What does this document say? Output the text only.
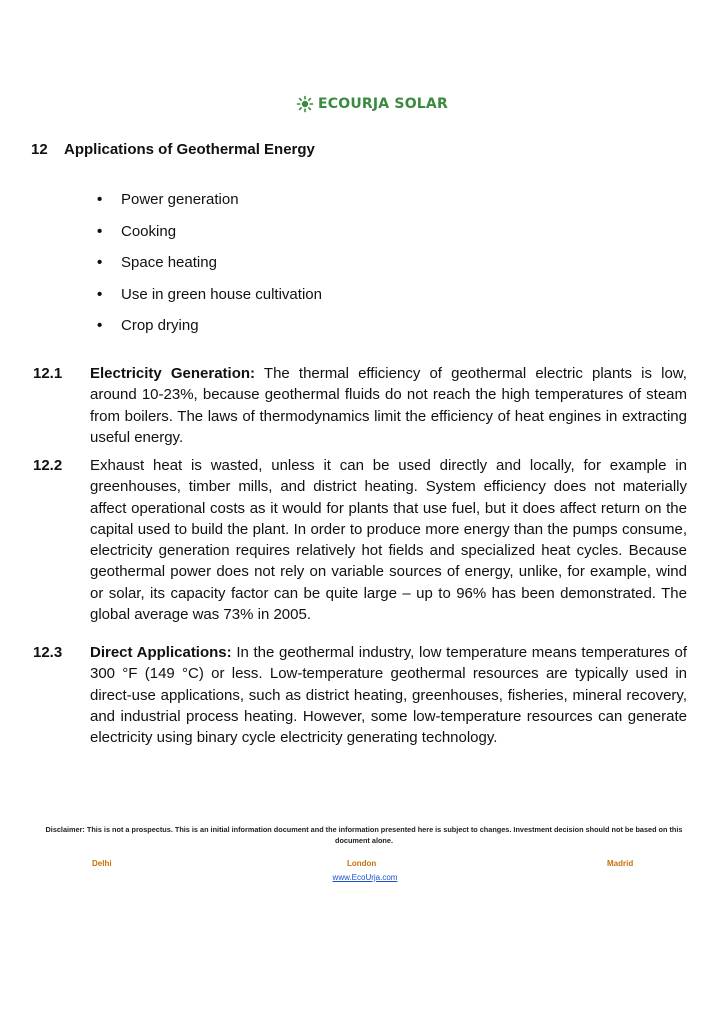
ECOURJA SOLAR
12	Applications of Geothermal Energy
•	Power generation
•	Cooking
•	Space heating
•	Use in green house cultivation
•	Crop drying
12.1	Electricity Generation: The thermal efficiency of geothermal electric plants is low, around 10-23%, because geothermal fluids do not reach the high temperatures of steam from boilers. The laws of thermodynamics limit the efficiency of heat engines in extracting useful energy.
12.2	Exhaust heat is wasted, unless it can be used directly and locally, for example in greenhouses, timber mills, and district heating. System efficiency does not materially affect operational costs as it would for plants that use fuel, but it does affect return on the capital used to build the plant. In order to produce more energy than the pumps consume, electricity generation requires relatively hot fields and specialized heat cycles. Because geothermal power does not rely on variable sources of energy, unlike, for example, wind or solar, its capacity factor can be quite large – up to 96% has been demonstrated. The global average was 73% in 2005.
12.3	Direct Applications: In the geothermal industry, low temperature means temperatures of 300 °F (149 °C) or less. Low-temperature geothermal resources are typically used in direct-use applications, such as district heating, greenhouses, fisheries, mineral recovery, and industrial process heating. However, some low-temperature resources can generate electricity using binary cycle electricity generating technology.
Disclaimer: This is not a prospectus. This is an initial information document and the information presented here is subject to changes. Investment decision should not be based on this document alone.
Delhi	London	Madrid
www.EcoUrja.com
